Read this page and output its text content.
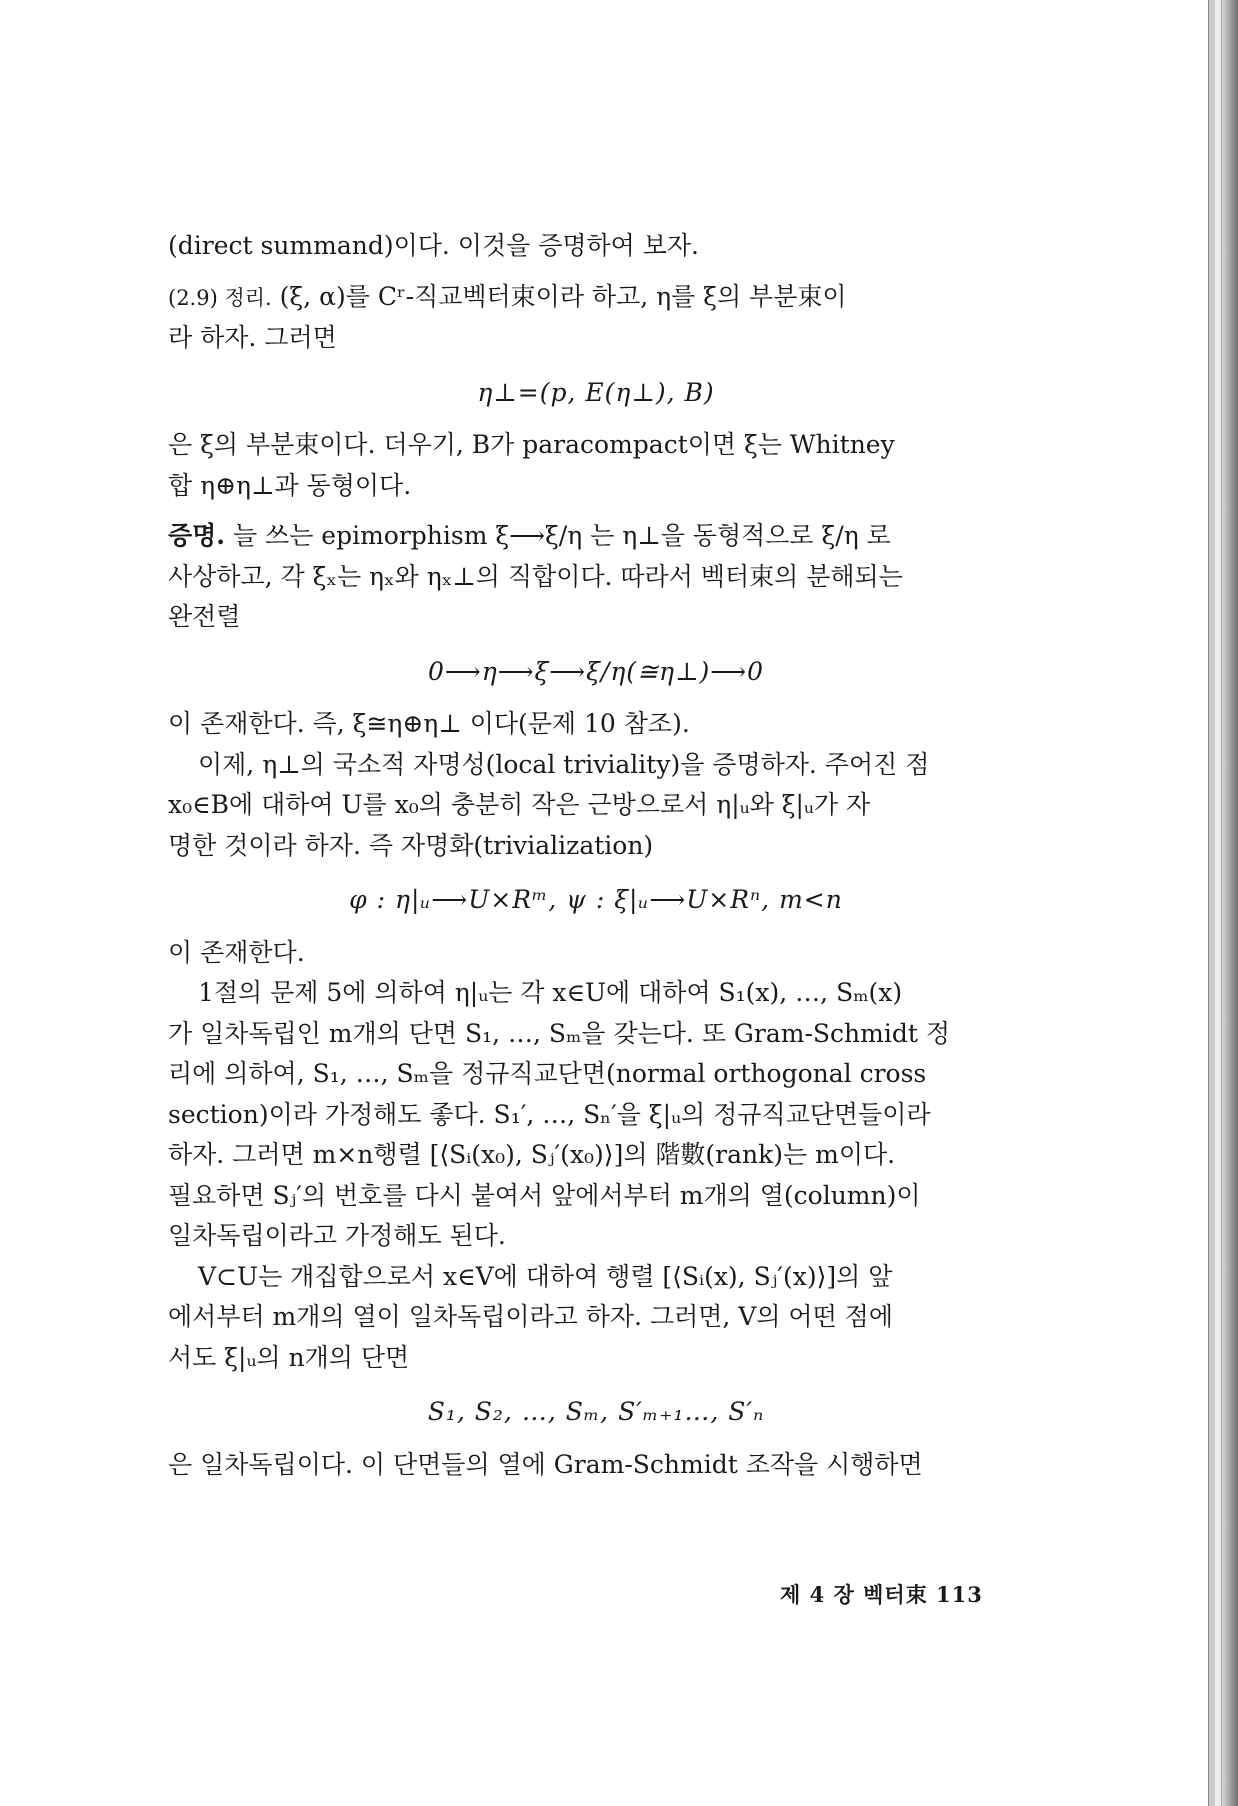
(direct summand)이다. 이것을 증명하여 보자.

(2.9) 정리. (ξ, α)를 Cʳ-직교벡터束이라 하고, η를 ξ의 부분束이

라 하자. 그러면

η⊥=(p, E(η⊥), B)

은 ξ의 부분束이다. 더우기, B가 paracompact이면 ξ는 Whitney

합 η⊕η⊥과 동형이다.

증명. 늘 쓰는 epimorphism ξ⟶ξ/η 는 η⊥을 동형적으로 ξ/η 로

사상하고, 각 ξₓ는 ηₓ와 ηₓ⊥의 직합이다. 따라서 벡터束의 분해되는

완전렬

0⟶η⟶ξ⟶ξ/η(≅η⊥)⟶0

이 존재한다. 즉, ξ≅η⊕η⊥ 이다(문제 10 참조).

이제, η⊥의 국소적 자명성(local triviality)을 증명하자. 주어진 점

x₀∈B에 대하여 U를 x₀의 충분히 작은 근방으로서 η|ᵤ와 ξ|ᵤ가 자

명한 것이라 하자. 즉 자명화(trivialization)

φ : η|ᵤ⟶U×Rᵐ, ψ : ξ|ᵤ⟶U×Rⁿ, m<n

이 존재한다.

1절의 문제 5에 의하여 η|ᵤ는 각 x∈U에 대하여 S₁(x), …, Sₘ(x)

가 일차독립인 m개의 단면 S₁, …, Sₘ을 갖는다. 또 Gram-Schmidt 정

리에 의하여, S₁, …, Sₘ을 정규직교단면(normal orthogonal cross

section)이라 가정해도 좋다. S₁′, …, Sₙ′을 ξ|ᵤ의 정규직교단면들이라

하자. 그러면 m×n행렬 [⟨Sᵢ(x₀), Sⱼ′(x₀)⟩]의 階數(rank)는 m이다.

필요하면 Sⱼ′의 번호를 다시 붙여서 앞에서부터 m개의 열(column)이

일차독립이라고 가정해도 된다.

V⊂U는 개집합으로서 x∈V에 대하여 행렬 [⟨Sᵢ(x), Sⱼ′(x)⟩]의 앞

에서부터 m개의 열이 일차독립이라고 하자. 그러면, V의 어떤 점에

서도 ξ|ᵤ의 n개의 단면

S₁, S₂, …, Sₘ, S′ₘ₊₁…, S′ₙ

은 일차독립이다. 이 단면들의 열에 Gram-Schmidt 조작을 시행하면

제 4 장 벡터束 113
